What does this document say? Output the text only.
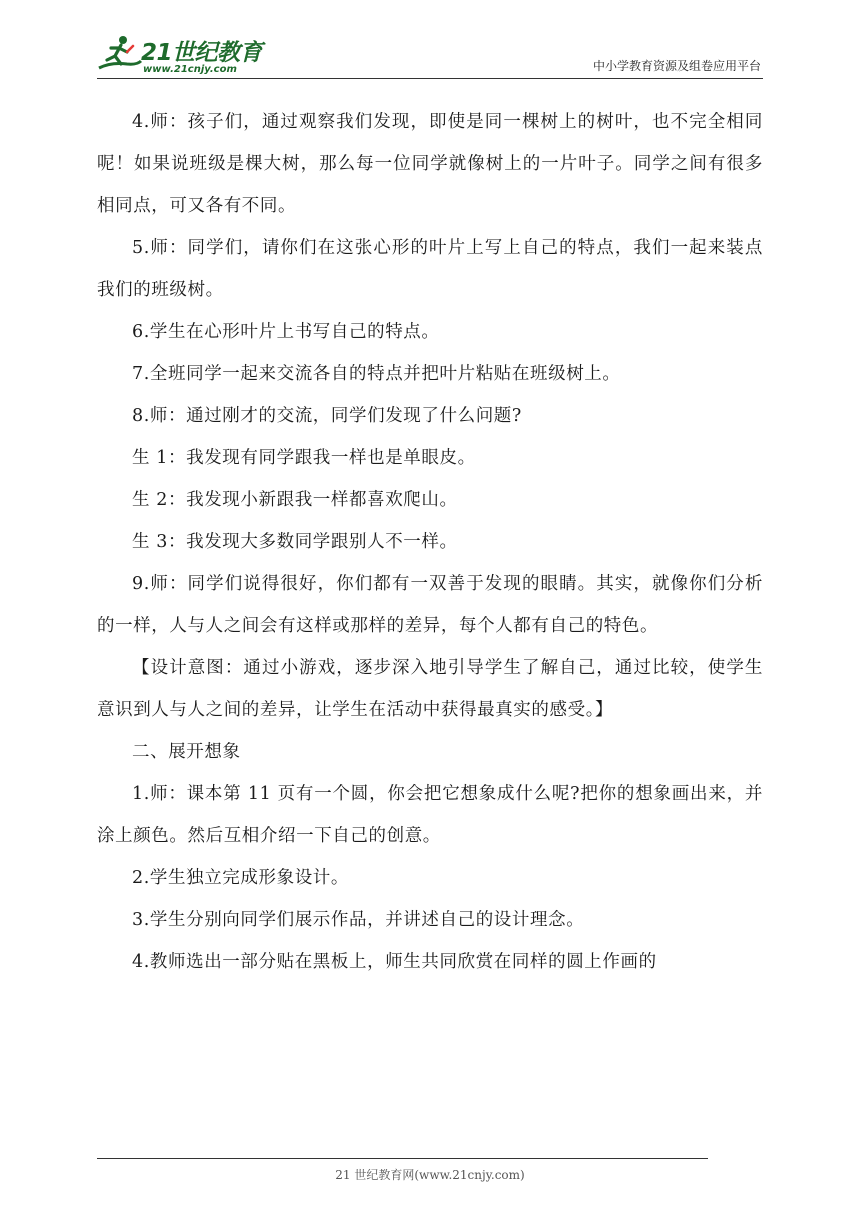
21世纪教育
www.21cnjy.com	中小学教育资源及组卷应用平台

4.师：孩子们，通过观察我们发现，即使是同一棵树上的树叶，也不完全相同呢！如果说班级是棵大树，那么每一位同学就像树上的一片叶子。同学之间有很多相同点，可又各有不同。

5.师：同学们，请你们在这张心形的叶片上写上自己的特点，我们一起来装点我们的班级树。

6.学生在心形叶片上书写自己的特点。

7.全班同学一起来交流各自的特点并把叶片粘贴在班级树上。

8.师：通过刚才的交流，同学们发现了什么问题?

生 1：我发现有同学跟我一样也是单眼皮。

生 2：我发现小新跟我一样都喜欢爬山。

生 3：我发现大多数同学跟别人不一样。

9.师：同学们说得很好，你们都有一双善于发现的眼睛。其实，就像你们分析的一样，人与人之间会有这样或那样的差异，每个人都有自己的特色。

【设计意图：通过小游戏，逐步深入地引导学生了解自己，通过比较，使学生意识到人与人之间的差异，让学生在活动中获得最真实的感受。】

二、展开想象

1.师：课本第 11 页有一个圆，你会把它想象成什么呢?把你的想象画出来，并涂上颜色。然后互相介绍一下自己的创意。

2.学生独立完成形象设计。

3.学生分别向同学们展示作品，并讲述自己的设计理念。

4.教师选出一部分贴在黑板上，师生共同欣赏在同样的圆上作画的

21 世纪教育网(www.21cnjy.com)
